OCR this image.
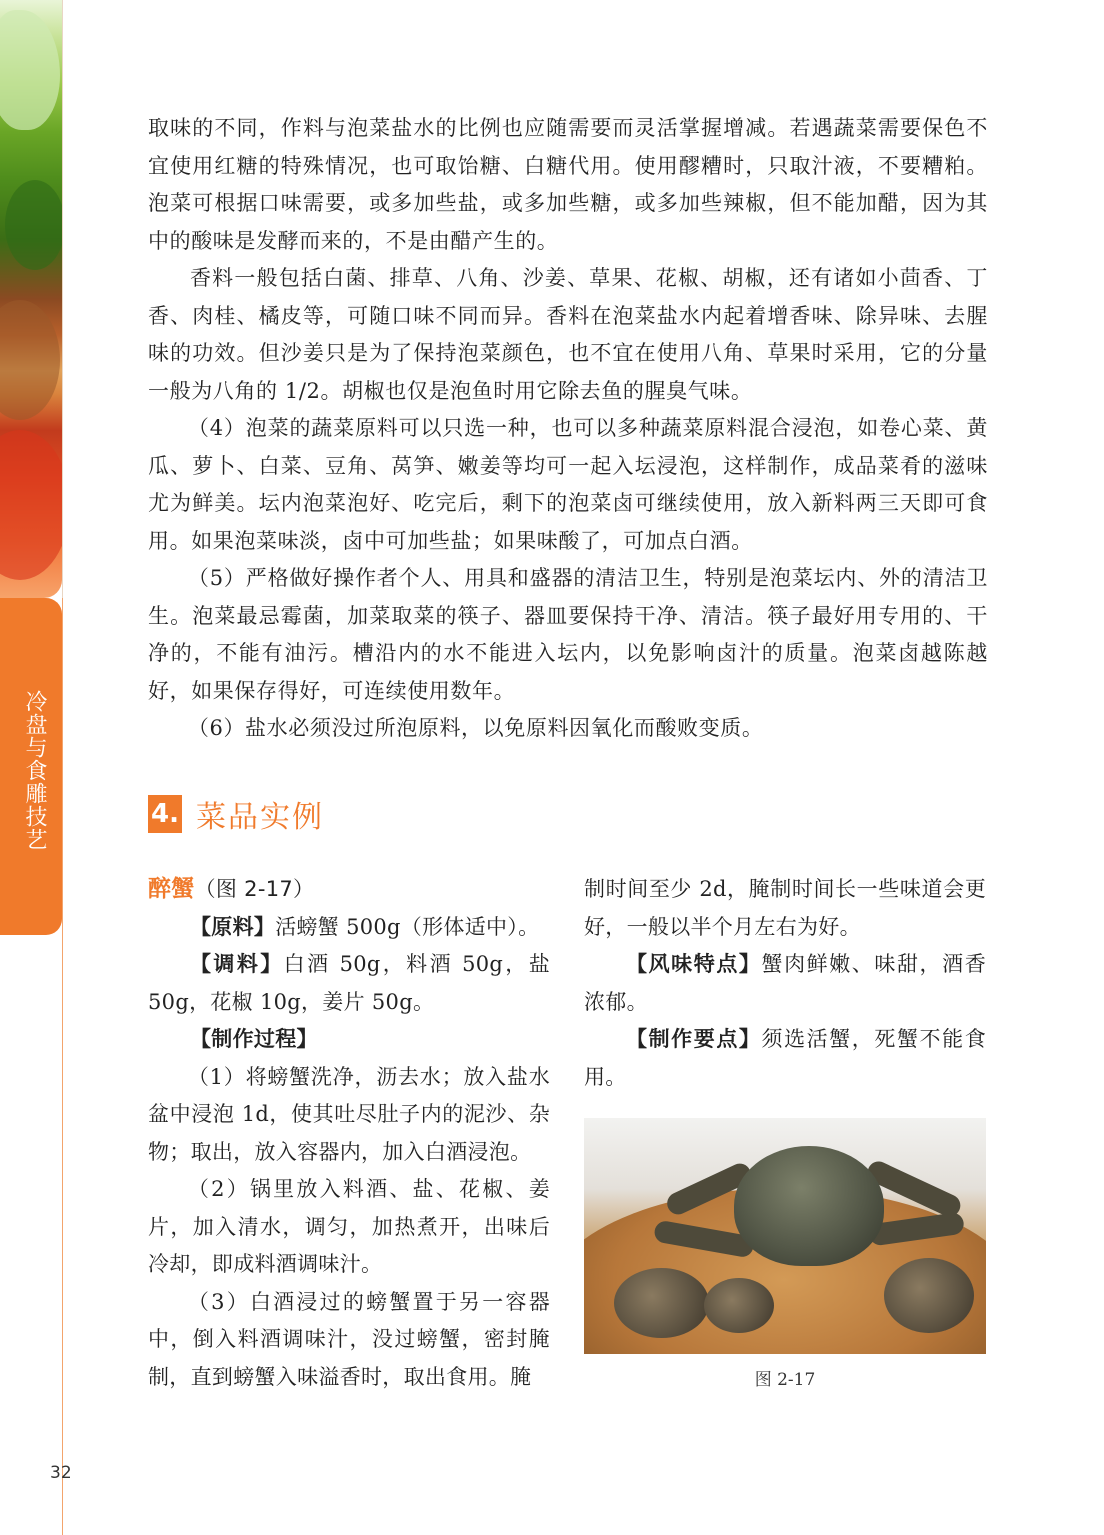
冷盘与食雕技艺
32

取味的不同，作料与泡菜盐水的比例也应随需要而灵活掌握增减。若遇蔬菜需要保色不宜使用红糖的特殊情况，也可取饴糖、白糖代用。使用醪糟时，只取汁液，不要糟粕。泡菜可根据口味需要，或多加些盐，或多加些糖，或多加些辣椒，但不能加醋，因为其中的酸味是发酵而来的，不是由醋产生的。

香料一般包括白菌、排草、八角、沙姜、草果、花椒、胡椒，还有诸如小茴香、丁香、肉桂、橘皮等，可随口味不同而异。香料在泡菜盐水内起着增香味、除异味、去腥味的功效。但沙姜只是为了保持泡菜颜色，也不宜在使用八角、草果时采用，它的分量一般为八角的 1/2。胡椒也仅是泡鱼时用它除去鱼的腥臭气味。

（4）泡菜的蔬菜原料可以只选一种，也可以多种蔬菜原料混合浸泡，如卷心菜、黄瓜、萝卜、白菜、豆角、莴笋、嫩姜等均可一起入坛浸泡，这样制作，成品菜肴的滋味尤为鲜美。坛内泡菜泡好、吃完后，剩下的泡菜卤可继续使用，放入新料两三天即可食用。如果泡菜味淡，卤中可加些盐；如果味酸了，可加点白酒。

（5）严格做好操作者个人、用具和盛器的清洁卫生，特别是泡菜坛内、外的清洁卫生。泡菜最忌霉菌，加菜取菜的筷子、器皿要保持干净、清洁。筷子最好用专用的、干净的，不能有油污。槽沿内的水不能进入坛内，以免影响卤汁的质量。泡菜卤越陈越好，如果保存得好，可连续使用数年。

（6）盐水必须没过所泡原料，以免原料因氧化而酸败变质。

4. 菜品实例

醉蟹（图 2-17）

【原料】活螃蟹 500g（形体适中）。

【调料】白酒 50g，料酒 50g，盐 50g，花椒 10g，姜片 50g。

【制作过程】

（1）将螃蟹洗净，沥去水；放入盐水盆中浸泡 1d，使其吐尽肚子内的泥沙、杂物；取出，放入容器内，加入白酒浸泡。

（2）锅里放入料酒、盐、花椒、姜片，加入清水，调匀，加热煮开，出味后冷却，即成料酒调味汁。

（3）白酒浸过的螃蟹置于另一容器中，倒入料酒调味汁，没过螃蟹，密封腌制，直到螃蟹入味溢香时，取出食用。腌

制时间至少 2d，腌制时间长一些味道会更好，一般以半个月左右为好。

【风味特点】蟹肉鲜嫩、味甜，酒香浓郁。

【制作要点】须选活蟹，死蟹不能食用。

图 2-17
